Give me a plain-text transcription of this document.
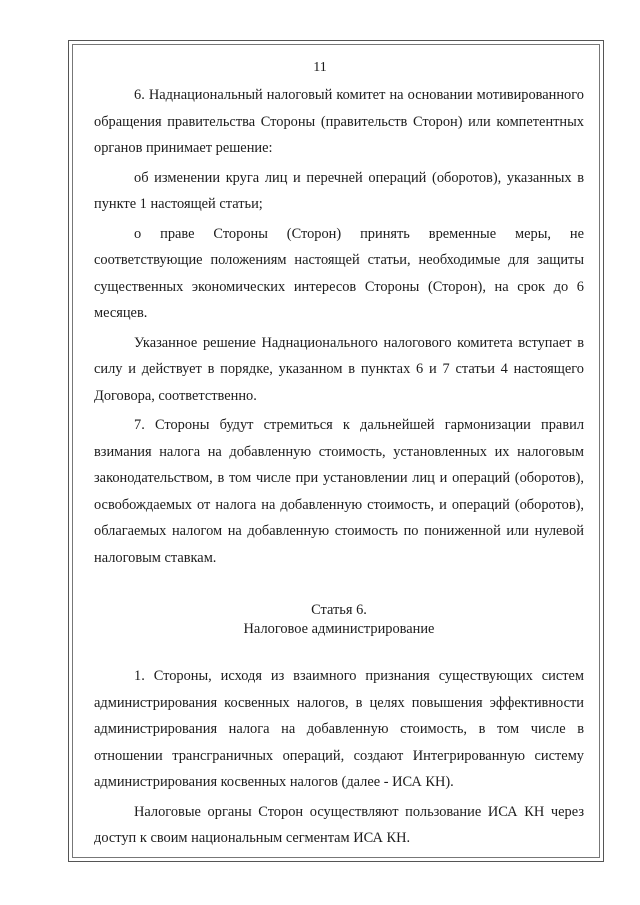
11

6. Наднациональный налоговый комитет на основании мотивированного обращения правительства Стороны (правительств Сторон) или компетентных органов принимает решение:

об изменении круга лиц и перечней операций (оборотов), указанных в пункте 1 настоящей статьи;

о праве Стороны (Сторон) принять временные меры, не соответствующие положениям настоящей статьи, необходимые для защиты существенных экономических интересов Стороны (Сторон), на срок до 6 месяцев.

Указанное решение Наднационального налогового комитета вступает в силу и действует в порядке, указанном в пунктах 6 и 7 статьи 4 настоящего Договора, соответственно.

7. Стороны будут стремиться к дальнейшей гармонизации правил взимания налога на добавленную стоимость, установленных их налоговым законодательством, в том числе при установлении лиц и операций (оборотов), освобождаемых от налога на добавленную стоимость, и операций (оборотов), облагаемых налогом на добавленную стоимость по пониженной или нулевой налоговым ставкам.

Статья 6.

Налоговое администрирование

1. Стороны, исходя из взаимного признания существующих систем администрирования косвенных налогов, в целях повышения эффективности администрирования налога на добавленную стоимость, в том числе в отношении трансграничных операций, создают Интегрированную систему администрирования косвенных налогов (далее - ИСА КН).

Налоговые органы Сторон осуществляют пользование ИСА КН через доступ к своим национальным сегментам ИСА КН.
